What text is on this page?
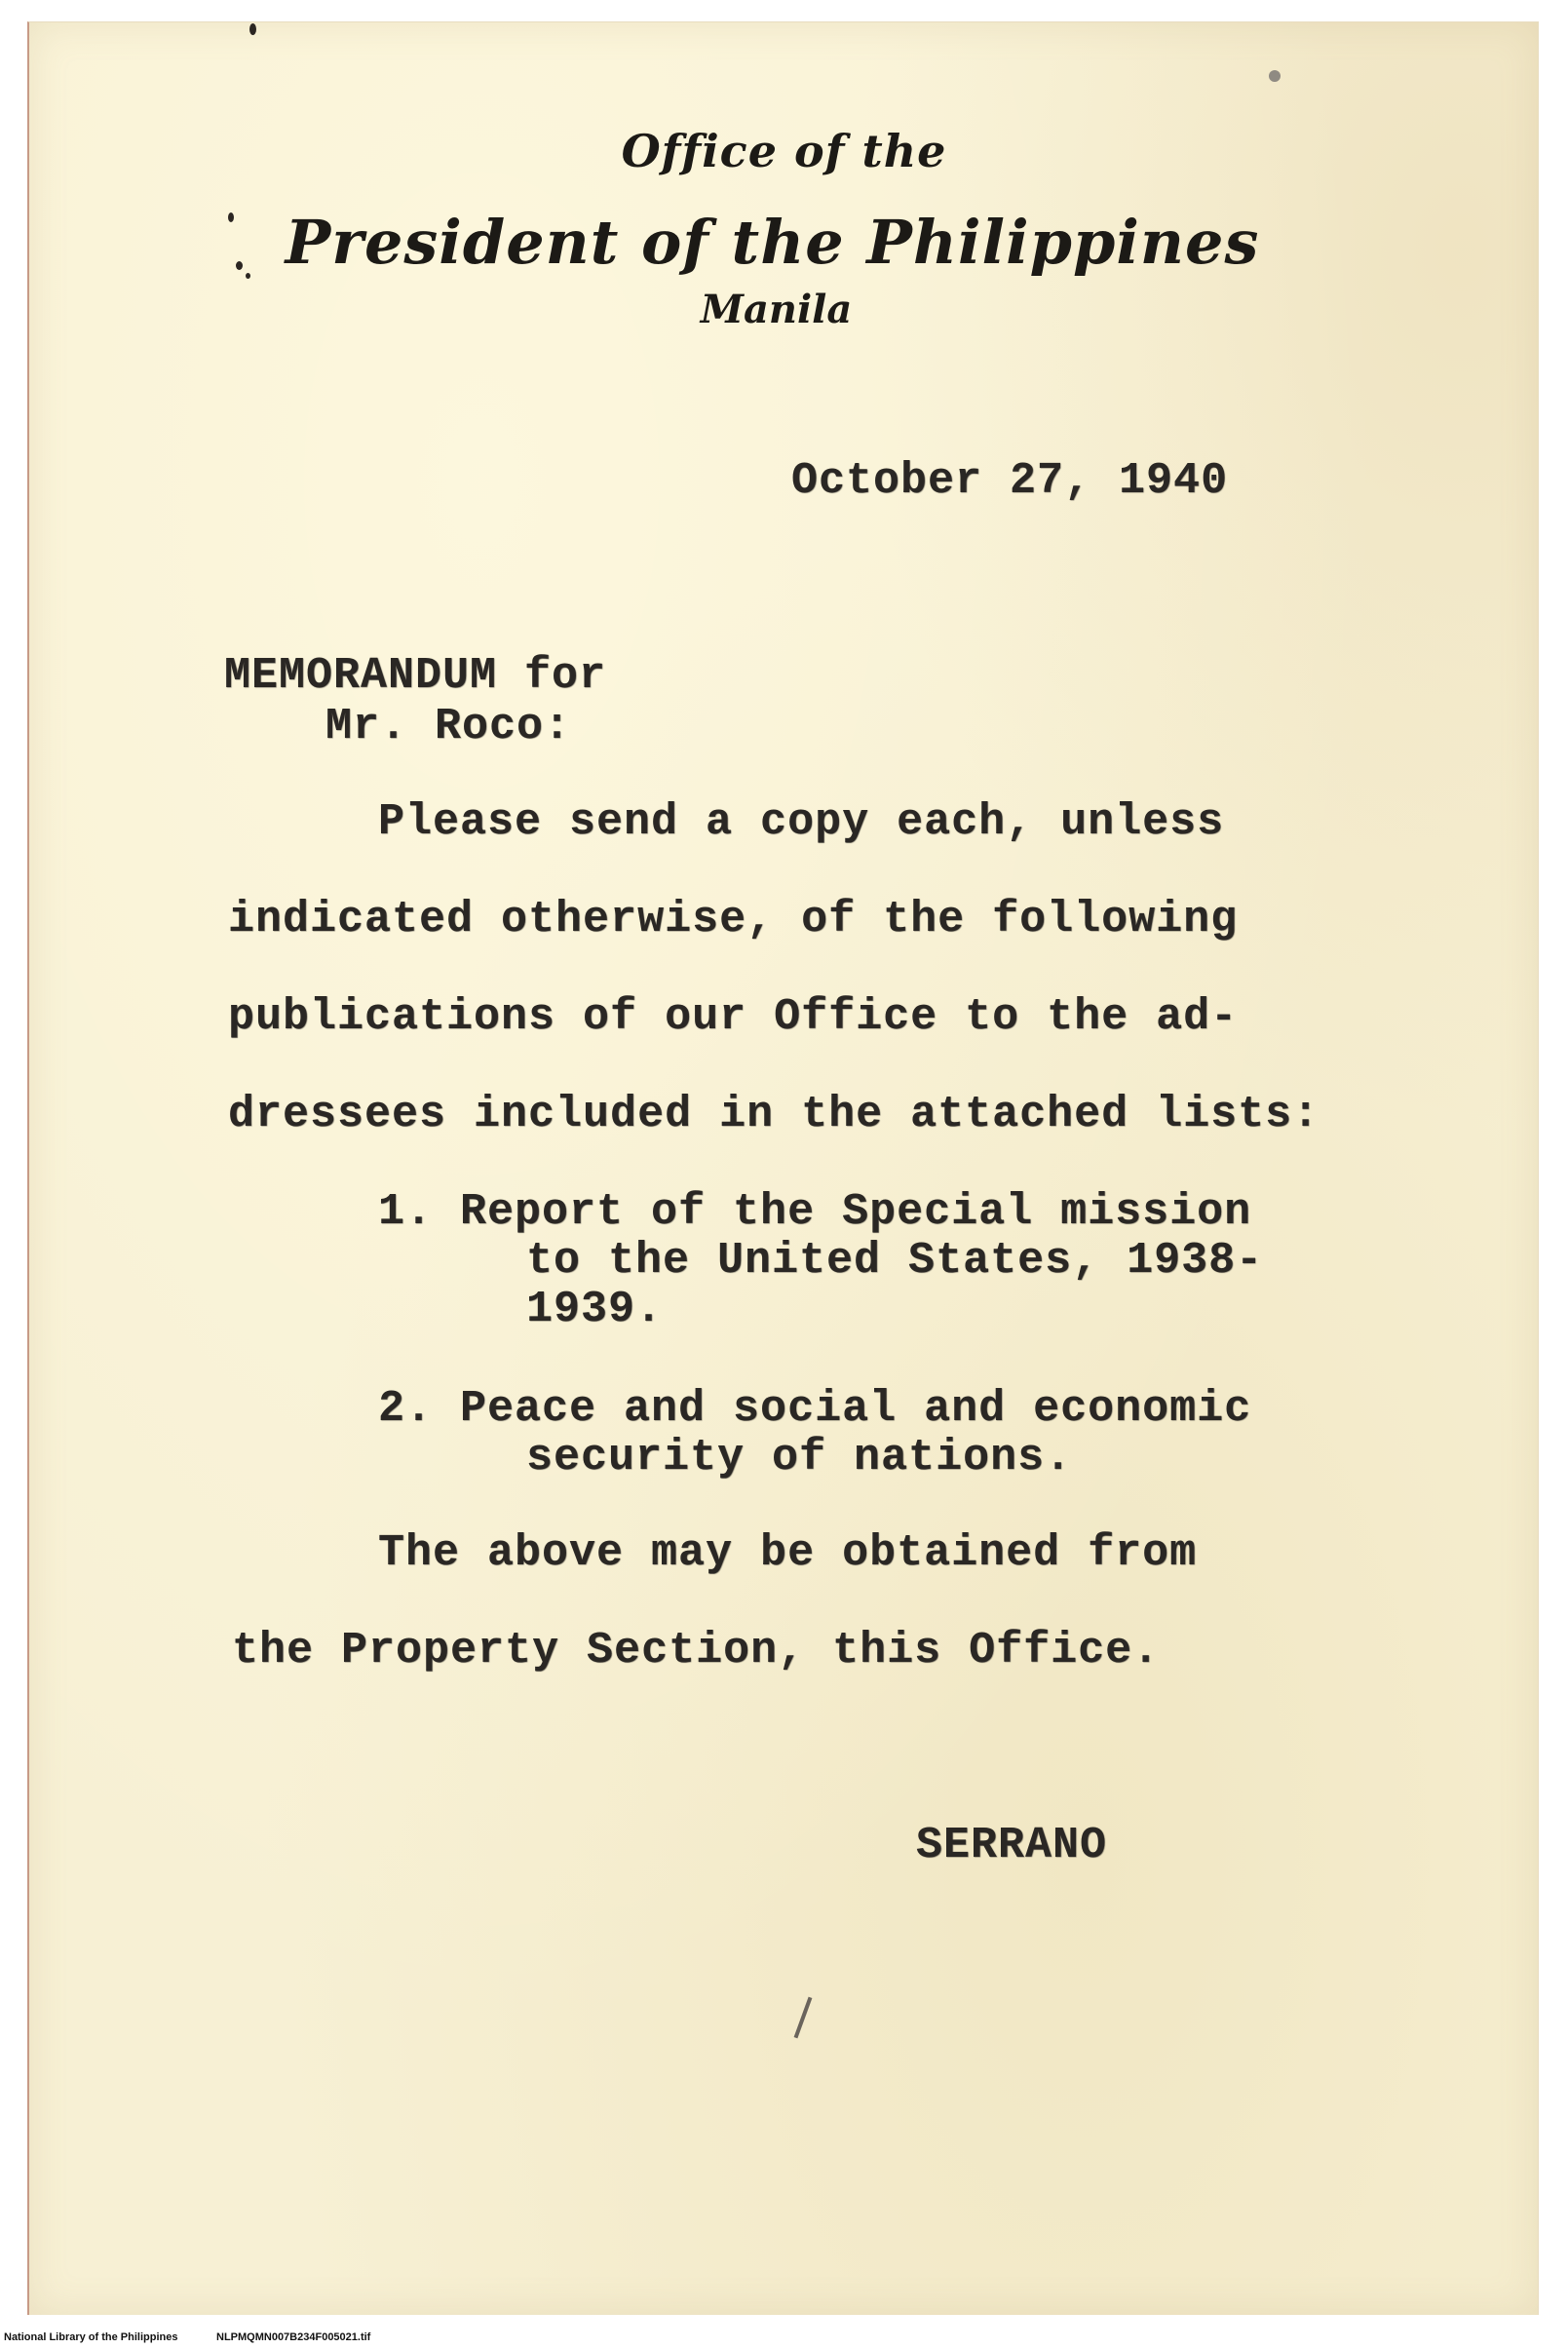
Office of the
President of the Philippines
Manila
October 27, 1940
MEMORANDUM for
Mr. Roco:
Please send a copy each, unless
indicated otherwise, of the following
publications of our Office to the ad-
dressees included in the attached lists:
1. Report of the Special mission
to the United States, 1938-
1939.
2. Peace and social and economic
security of nations.
The above may be obtained from
the Property Section, this Office.
SERRANO
National Library of the Philippines	NLPMQMN007B234F005021.tif
